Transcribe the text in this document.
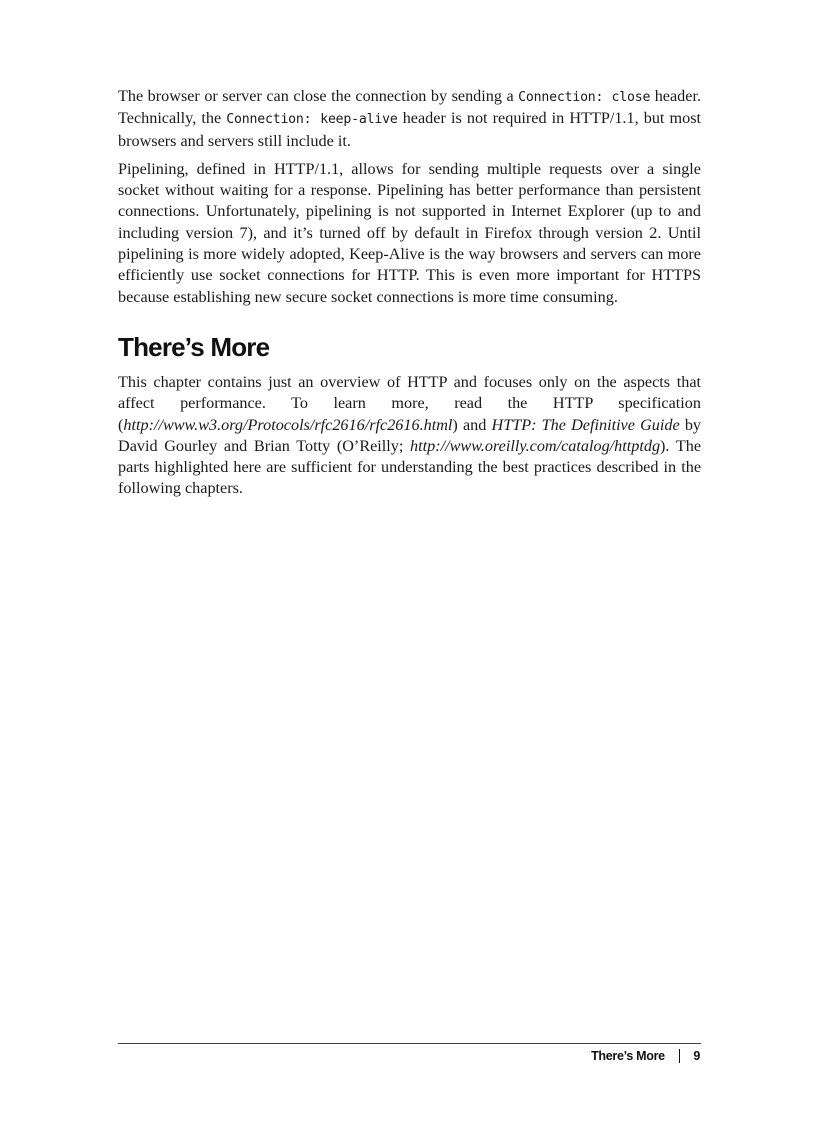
The browser or server can close the connection by sending a Connection: close header. Technically, the Connection: keep-alive header is not required in HTTP/1.1, but most browsers and servers still include it.

Pipelining, defined in HTTP/1.1, allows for sending multiple requests over a single socket without waiting for a response. Pipelining has better performance than persistent connections. Unfortunately, pipelining is not supported in Internet Explorer (up to and including version 7), and it’s turned off by default in Firefox through version 2. Until pipelining is more widely adopted, Keep-Alive is the way browsers and servers can more efficiently use socket connections for HTTP. This is even more important for HTTPS because establishing new secure socket connections is more time consuming.

There’s More

This chapter contains just an overview of HTTP and focuses only on the aspects that affect performance. To learn more, read the HTTP specification (http://www.w3.org/Protocols/rfc2616/rfc2616.html) and HTTP: The Definitive Guide by David Gourley and Brian Totty (O’Reilly; http://www.oreilly.com/catalog/httptdg). The parts highlighted here are sufficient for understanding the best practices described in the following chapters.

There’s More 9
